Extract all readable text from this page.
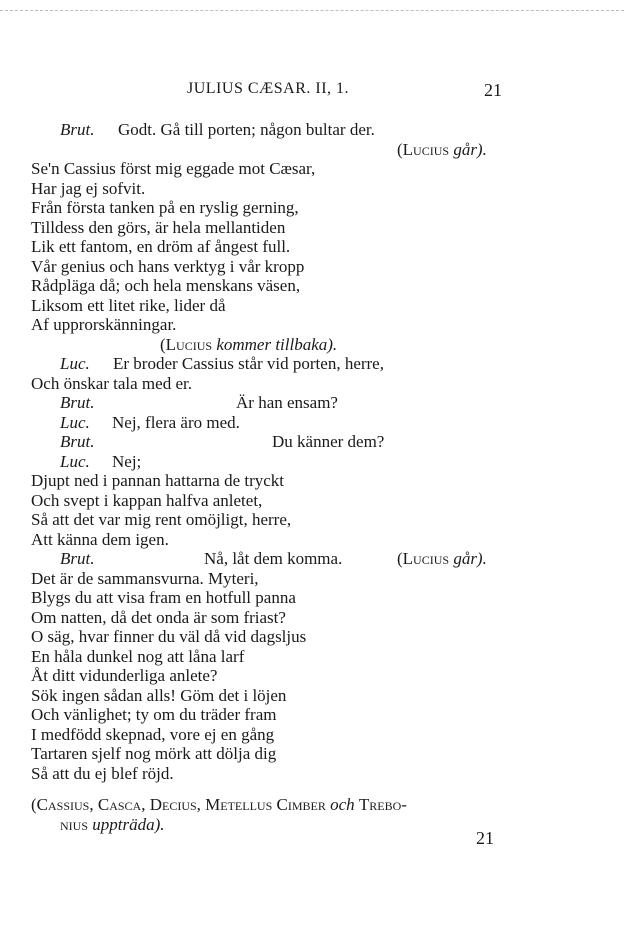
JULIUS CÆSAR. II, 1.	21
Brut. Godt. Gå till porten; någon bultar der.
(Lucius går).
Se'n Cassius först mig eggade mot Cæsar,
Har jag ej sofvit.
Från första tanken på en ryslig gerning,
Tilldess den görs, är hela mellantiden
Lik ett fantom, en dröm af ångest full.
Vår genius och hans verktyg i vår kropp
Rådpläga då; och hela menskans väsen,
Liksom ett litet rike, lider då
Af upprorskänningar.
(Lucius kommer tillbaka).
Luc. Er broder Cassius står vid porten, herre,
Och önskar tala med er.
Brut.	Är han ensam?
Luc. Nej, flera äro med.
Brut.	Du känner dem?
Luc. Nej;
Djupt ned i pannan hattarna de tryckt
Och svept i kappan halfva anletet,
Så att det var mig rent omöjligt, herre,
Att känna dem igen.
Brut.	Nå, låt dem komma.	(Lucius går).
Det är de sammansvurna. Myteri,
Blygs du att visa fram en hotfull panna
Om natten, då det onda är som friast?
O säg, hvar finner du väl då vid dagsljus
En håla dunkel nog att låna larf
Åt ditt vidunderliga anlete?
Sök ingen sådan alls! Göm det i löjen
Och vänlighet; ty om du träder fram
I medfödd skepnad, vore ej en gång
Tartaren sjelf nog mörk att dölja dig
Så att du ej blef röjd.
(Cassius, Casca, Decius, Metellus Cimber och Trebo-
nius uppträda).
21
